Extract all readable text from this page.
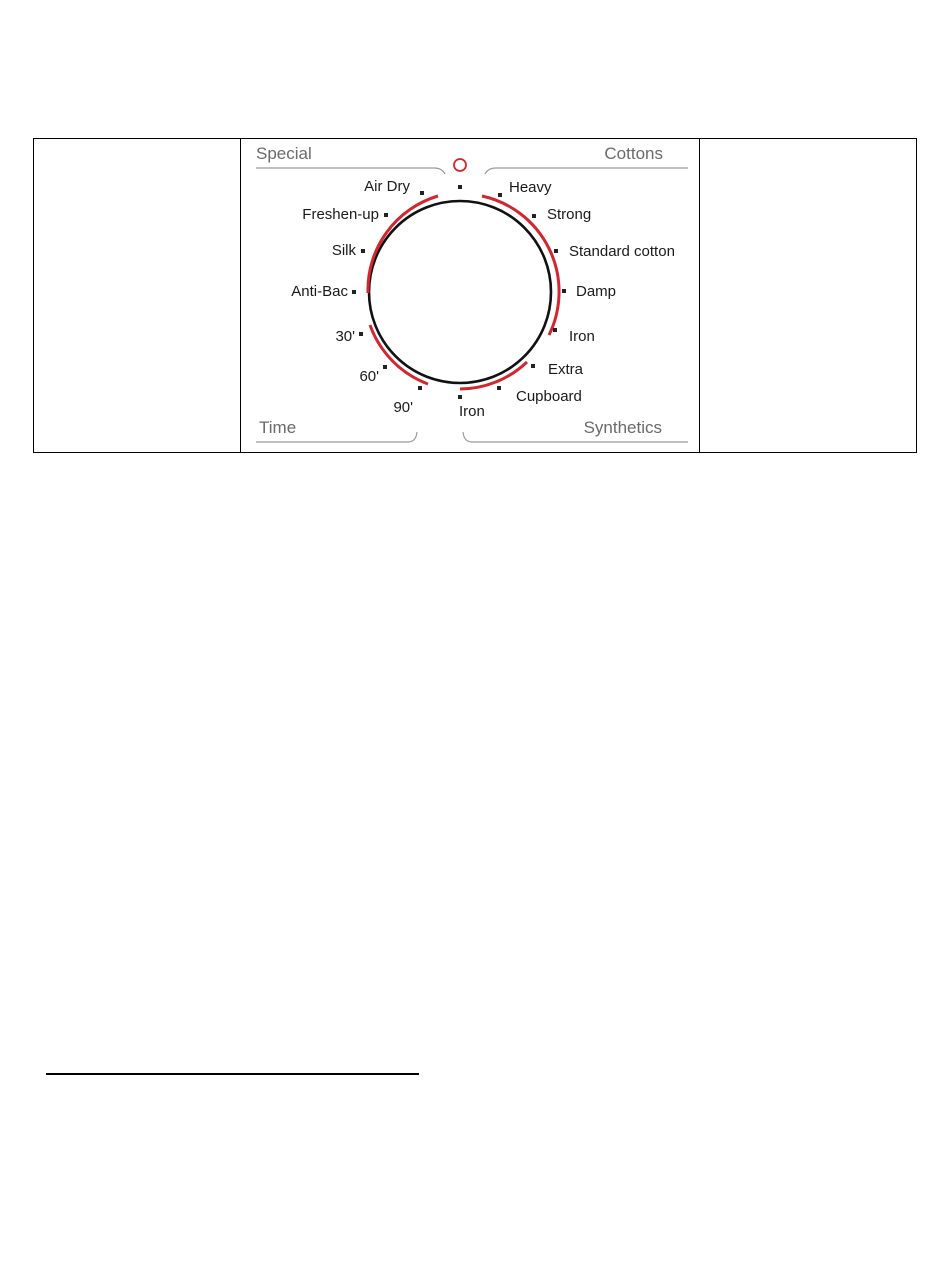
Special	Cottons
Time	Synthetics
Air Dry
Freshen-up
Silk
Anti-Bac
30'
60'
90'	Iron
Cupboard
Extra
Iron
Damp
Standard cotton
Strong
Heavy
